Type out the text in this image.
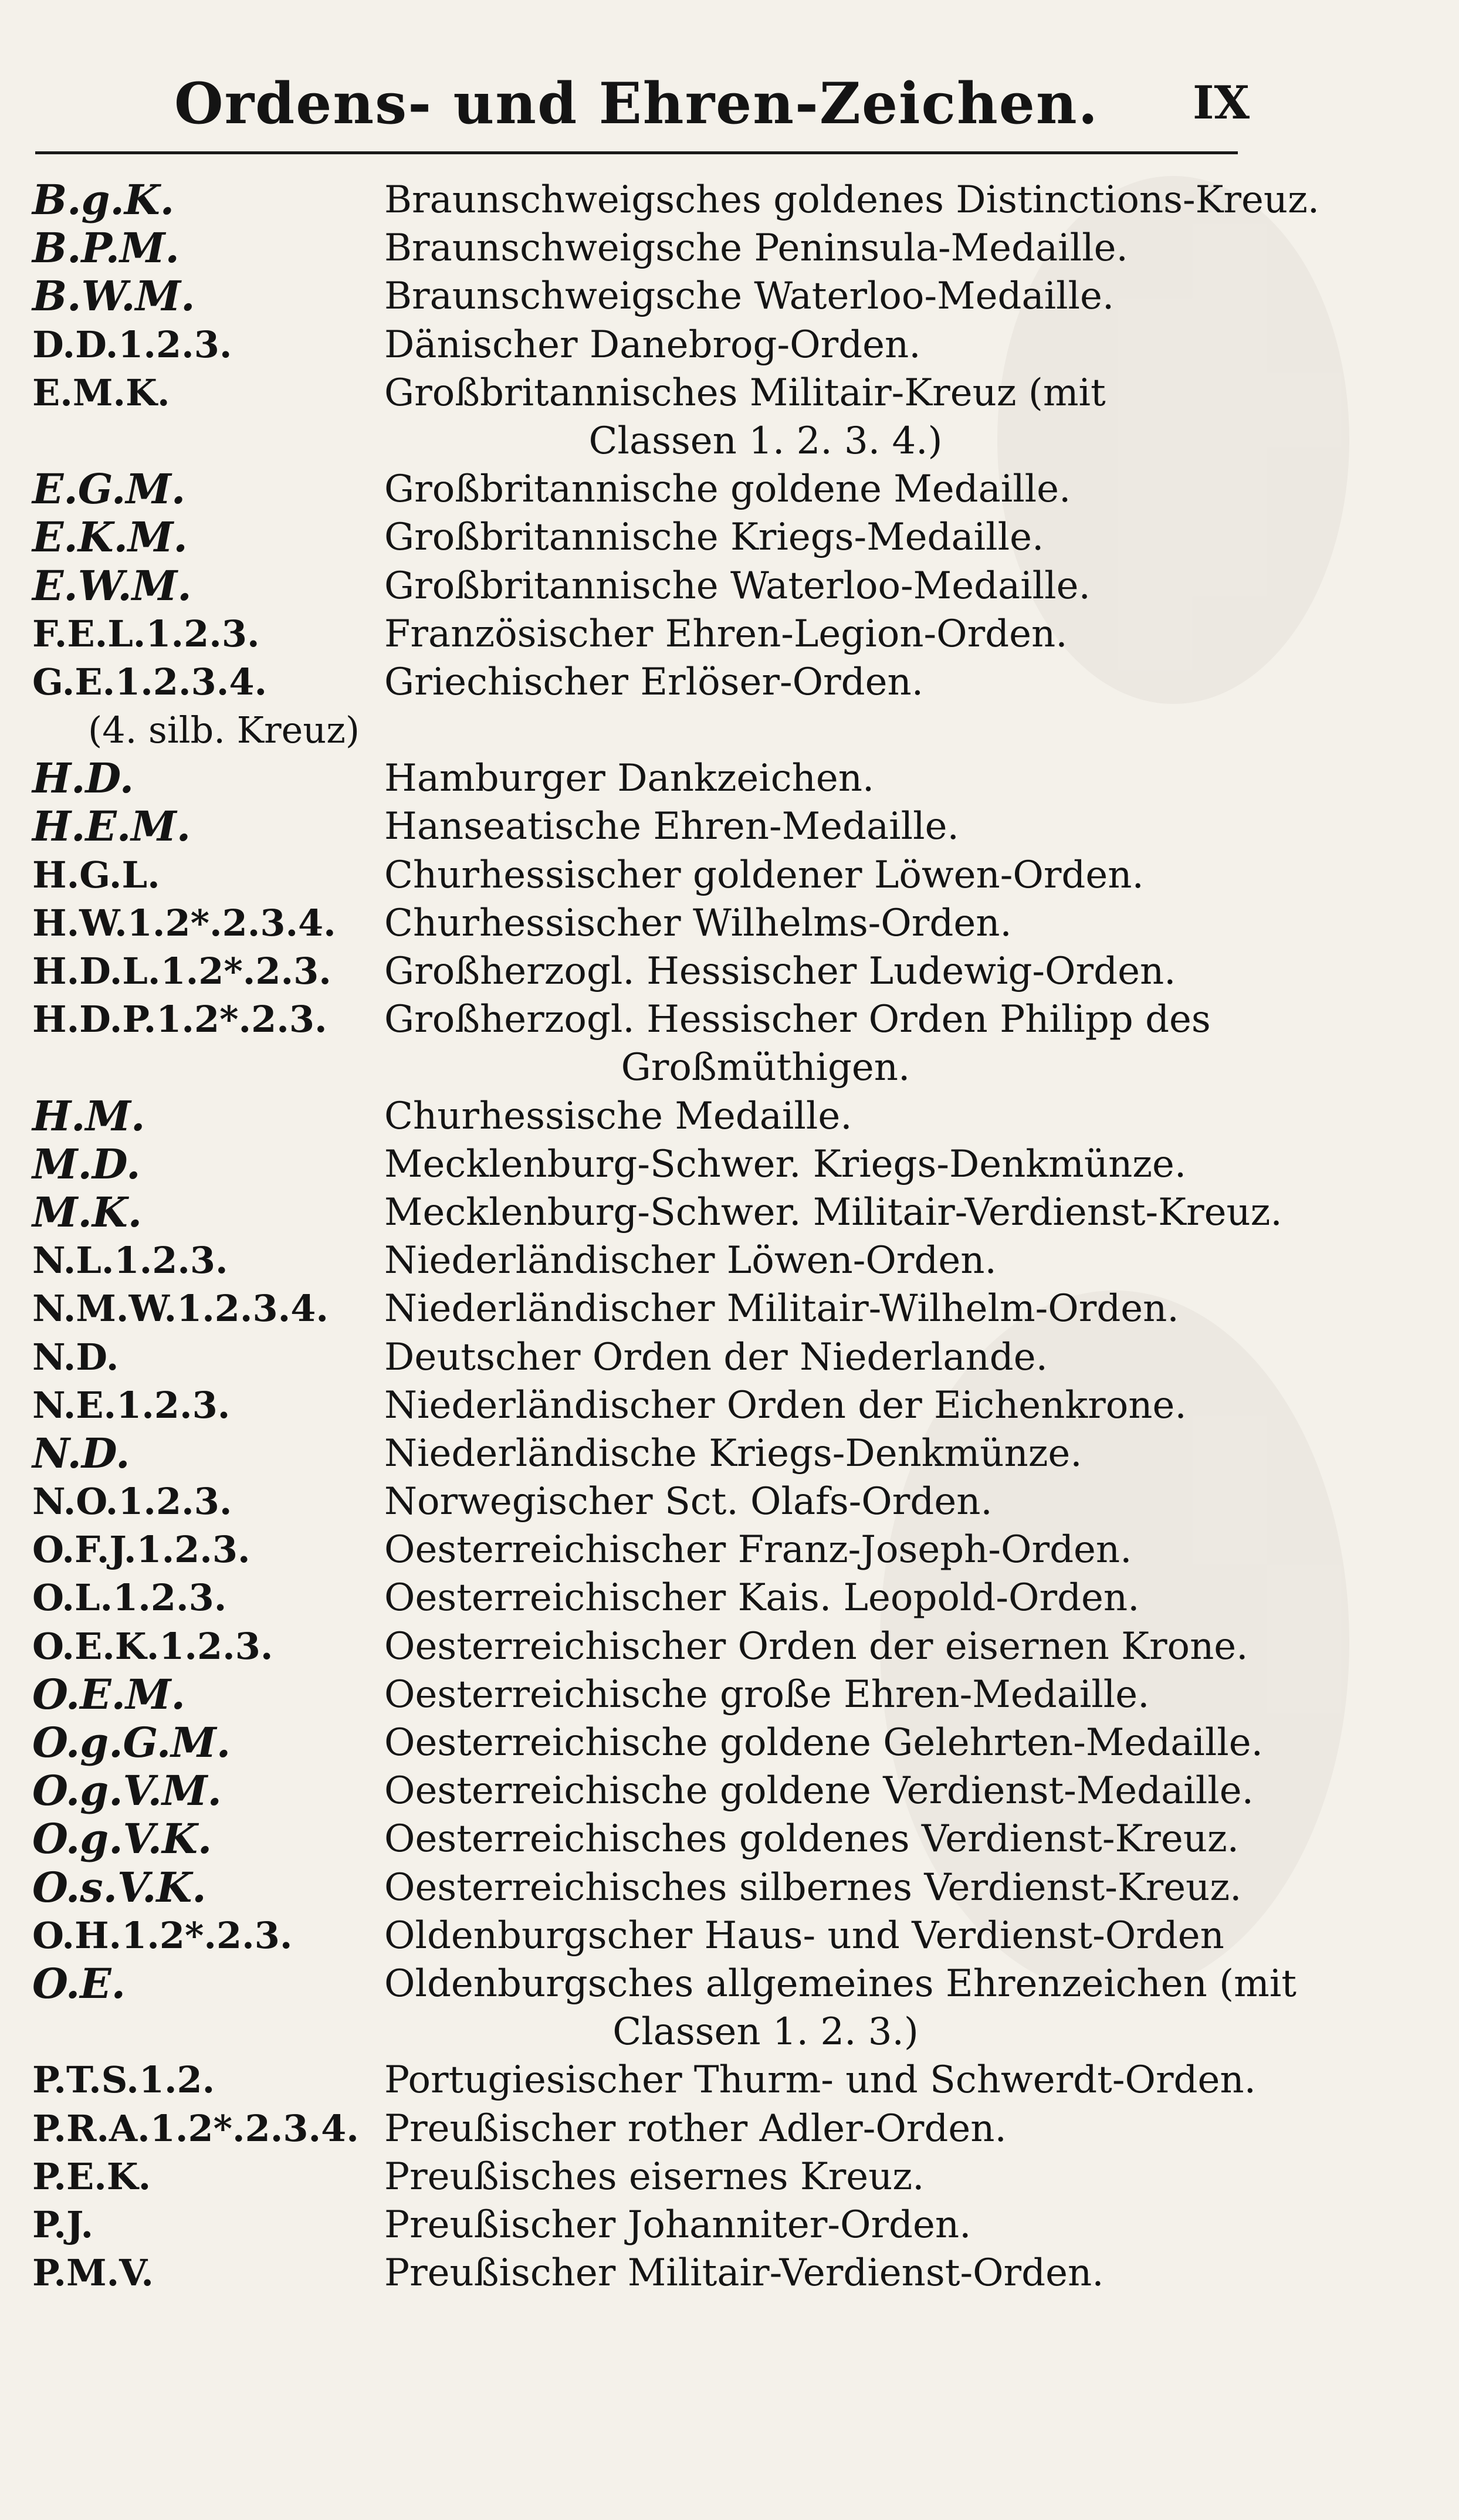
Ordens- und Ehren-Zeichen.	IX
B.g.K.	Braunschweigsches goldenes Distinctions-Kreuz.
B.P.M.	Braunschweigsche Peninsula-Medaille.
B.W.M.	Braunschweigsche Waterloo-Medaille.
D.D.1.2.3.	Dänischer Danebrog-Orden.
E.M.K.	Großbritannisches Militair-Kreuz (mit
Classen 1. 2. 3. 4.)
E.G.M.	Großbritannische goldene Medaille.
E.K.M.	Großbritannische Kriegs-Medaille.
E.W.M.	Großbritannische Waterloo-Medaille.
F.E.L.1.2.3.	Französischer Ehren-Legion-Orden.
G.E.1.2.3.4.	Griechischer Erlöser-Orden.
(4. silb. Kreuz)
H.D.	Hamburger Dankzeichen.
H.E.M.	Hanseatische Ehren-Medaille.
H.G.L.	Churhessischer goldener Löwen-Orden.
H.W.1.2*.2.3.4. Churhessischer Wilhelms-Orden.
H.D.L.1.2*.2.3. Großherzogl. Hessischer Ludewig-Orden.
H.D.P.1.2*.2.3. Großherzogl. Hessischer Orden Philipp des
Großmüthigen.
H.M.	Churhessische Medaille.
M.D.	Mecklenburg-Schwer. Kriegs-Denkmünze.
M.K.	Mecklenburg-Schwer. Militair-Verdienst-Kreuz.
N.L.1.2.3.	Niederländischer Löwen-Orden.
N.M.W.1.2.3.4. Niederländischer Militair-Wilhelm-Orden.
N.D.	Deutscher Orden der Niederlande.
N.E.1.2.3.	Niederländischer Orden der Eichenkrone.
N.D.	Niederländische Kriegs-Denkmünze.
N.O.1.2.3.	Norwegischer Sct. Olafs-Orden.
O.F.J.1.2.3.	Oesterreichischer Franz-Joseph-Orden.
O.L.1.2.3.	Oesterreichischer Kais. Leopold-Orden.
O.E.K.1.2.3.	Oesterreichischer Orden der eisernen Krone.
O.E.M.	Oesterreichische große Ehren-Medaille.
O.g.G.M.	Oesterreichische goldene Gelehrten-Medaille.
O.g.V.M.	Oesterreichische goldene Verdienst-Medaille.
O.g.V.K.	Oesterreichisches goldenes Verdienst-Kreuz.
O.s.V.K.	Oesterreichisches silbernes Verdienst-Kreuz.
O.H.1.2*.2.3. Oldenburgscher Haus- und Verdienst-Orden
O.E.	Oldenburgsches allgemeines Ehrenzeichen (mit
Classen 1. 2. 3.)
P.T.S.1.2.	Portugiesischer Thurm- und Schwerdt-Orden.
P.R.A.1.2*.2.3.4. Preußischer rother Adler-Orden.
P.E.K.	Preußisches eisernes Kreuz.
P.J.	Preußischer Johanniter-Orden.
P.M.V.	Preußischer Militair-Verdienst-Orden.
